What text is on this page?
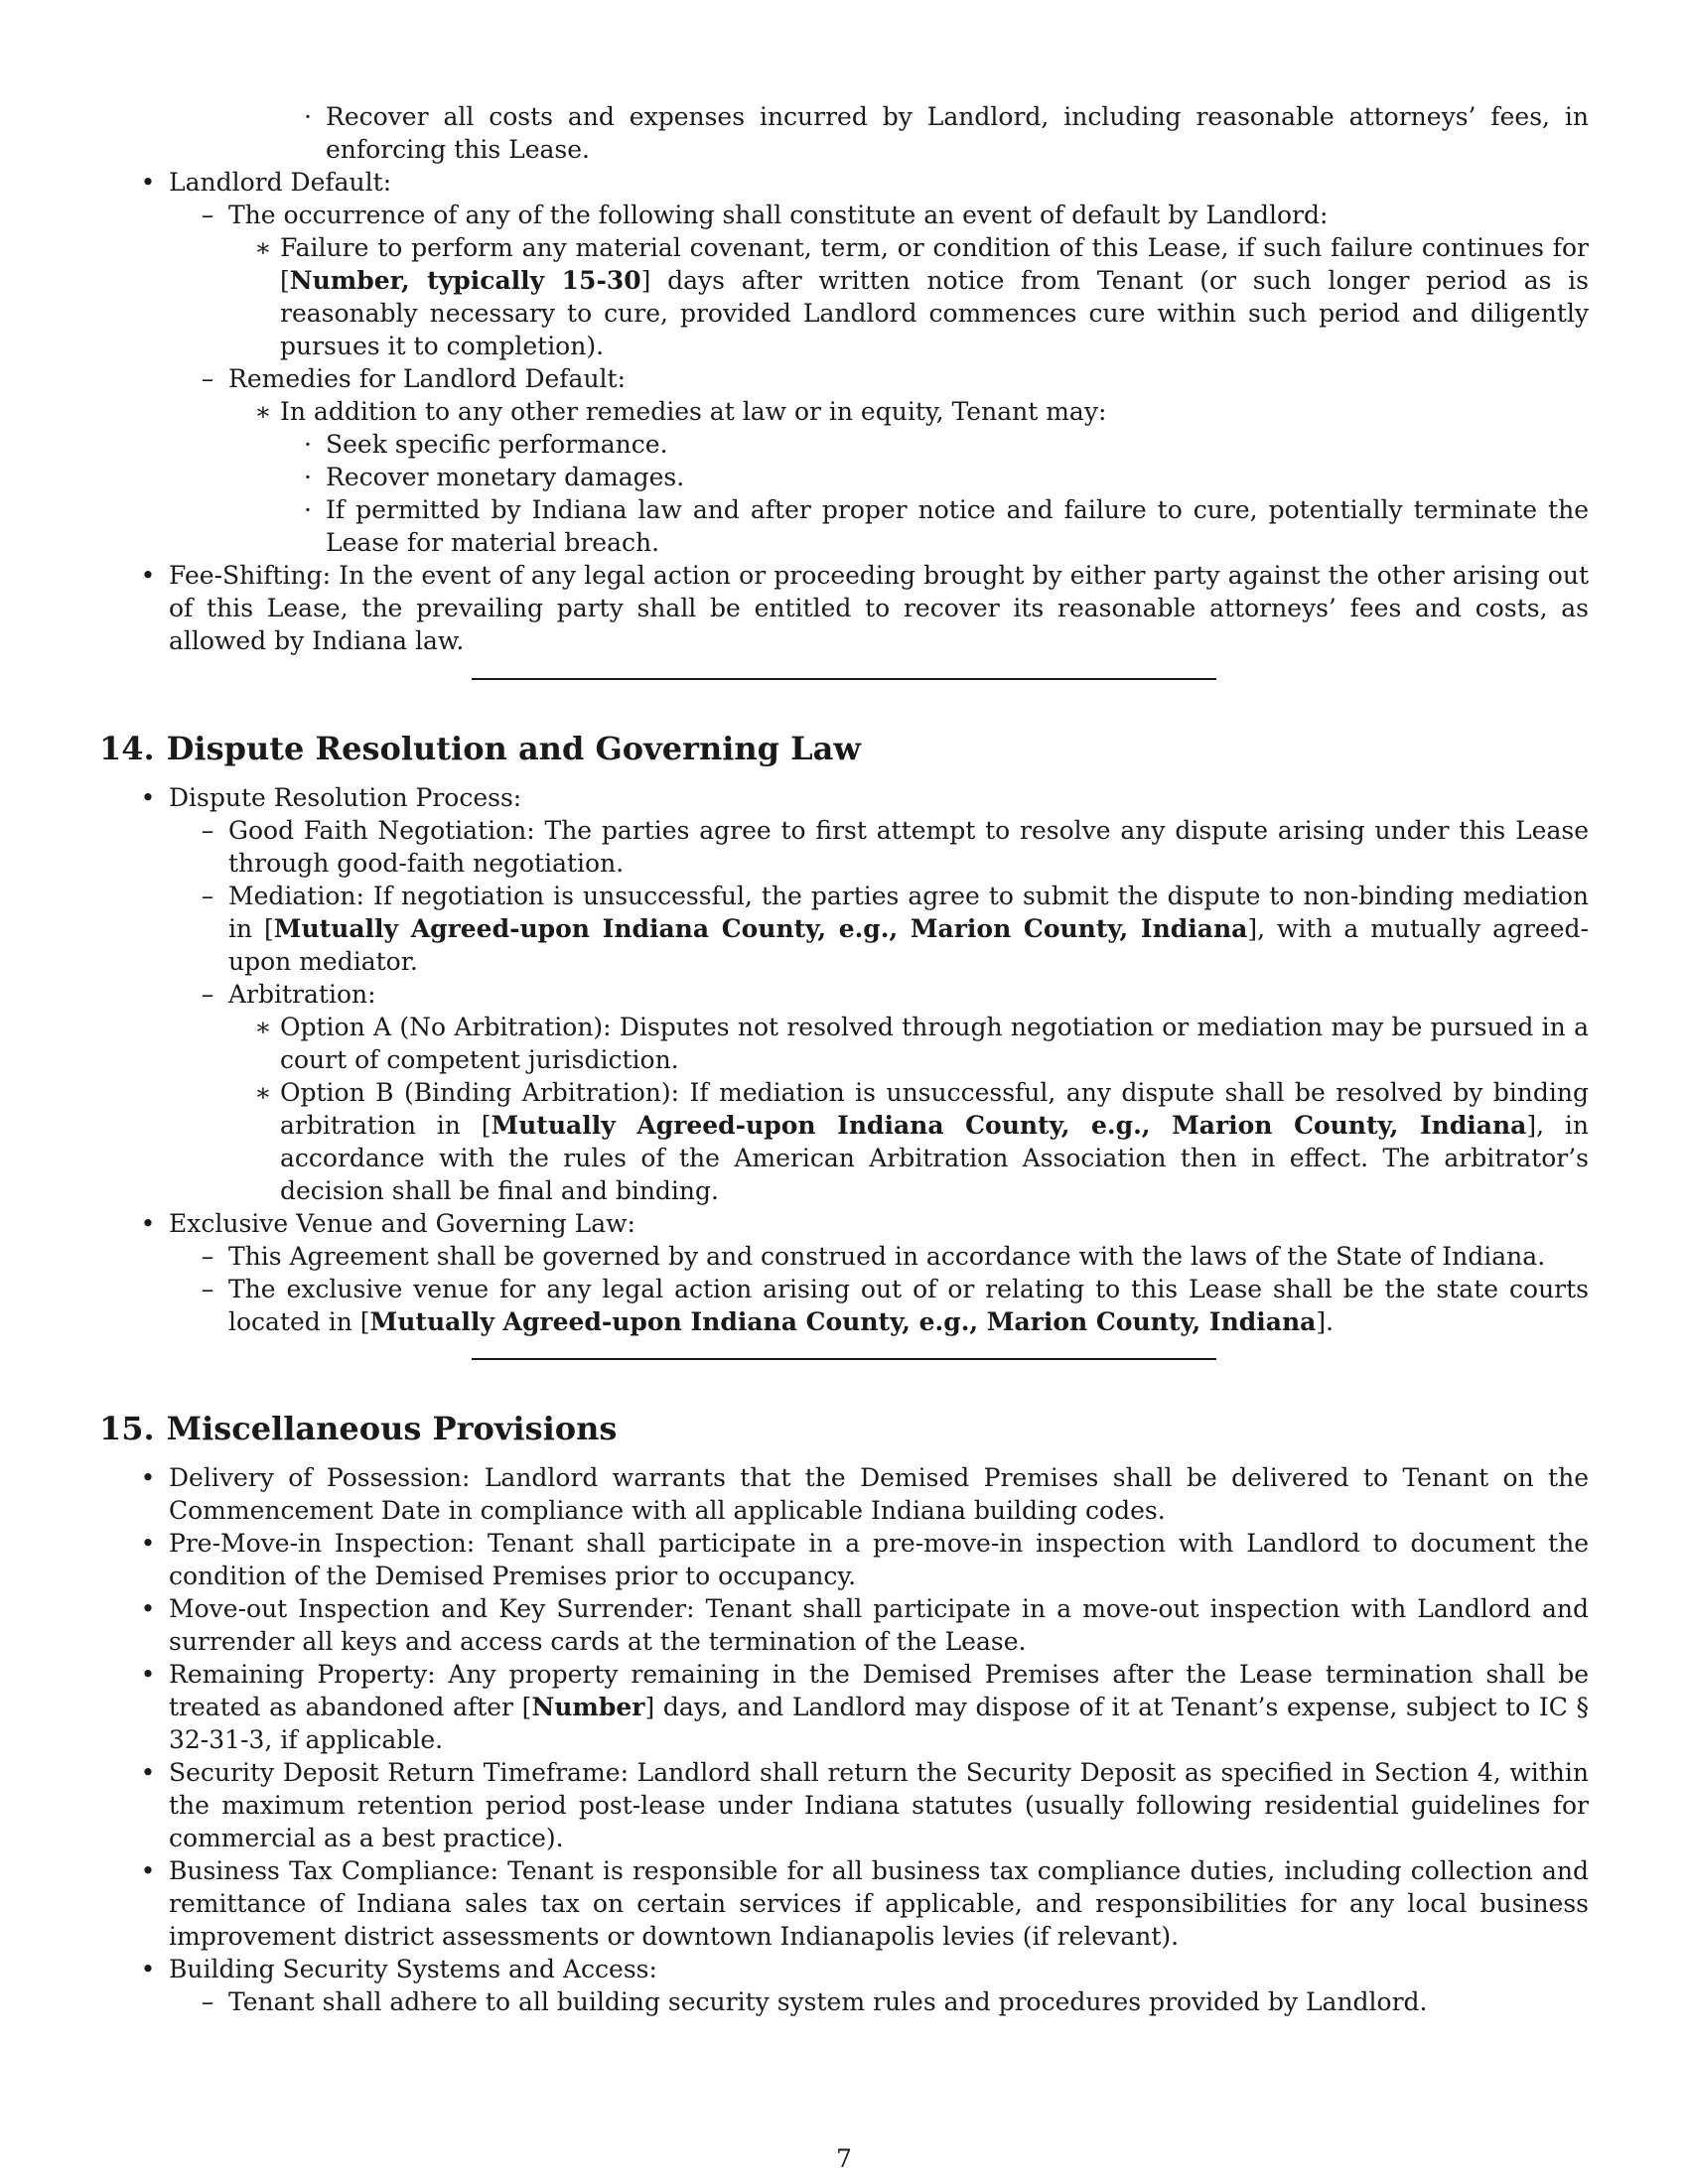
· Recover all costs and expenses incurred by Landlord, including reasonable attorneys’ fees, in enforcing this Lease.

• Landlord Default:

– The occurrence of any of the following shall constitute an event of default by Landlord:

∗ Failure to perform any material covenant, term, or condition of this Lease, if such failure continues for [Number, typically 15-30] days after written notice from Tenant (or such longer period as is reasonably necessary to cure, provided Landlord commences cure within such period and diligently pursues it to completion).

– Remedies for Landlord Default:

∗ In addition to any other remedies at law or in equity, Tenant may:

· Seek specific performance.

· Recover monetary damages.

· If permitted by Indiana law and after proper notice and failure to cure, potentially terminate the Lease for material breach.

• Fee-Shifting: In the event of any legal action or proceeding brought by either party against the other arising out of this Lease, the prevailing party shall be entitled to recover its reasonable attorneys’ fees and costs, as allowed by Indiana law.

14. Dispute Resolution and Governing Law

• Dispute Resolution Process:

– Good Faith Negotiation: The parties agree to first attempt to resolve any dispute arising under this Lease through good-faith negotiation.

– Mediation: If negotiation is unsuccessful, the parties agree to submit the dispute to non-binding mediation in [Mutually Agreed-upon Indiana County, e.g., Marion County, Indiana], with a mutually agreed-upon mediator.

– Arbitration:

∗ Option A (No Arbitration): Disputes not resolved through negotiation or mediation may be pursued in a court of competent jurisdiction.

∗ Option B (Binding Arbitration): If mediation is unsuccessful, any dispute shall be resolved by binding arbitration in [Mutually Agreed-upon Indiana County, e.g., Marion County, Indiana], in accordance with the rules of the American Arbitration Association then in effect. The arbitrator’s decision shall be final and binding.

• Exclusive Venue and Governing Law:

– This Agreement shall be governed by and construed in accordance with the laws of the State of Indiana.

– The exclusive venue for any legal action arising out of or relating to this Lease shall be the state courts located in [Mutually Agreed-upon Indiana County, e.g., Marion County, Indiana].

15. Miscellaneous Provisions

• Delivery of Possession: Landlord warrants that the Demised Premises shall be delivered to Tenant on the Commencement Date in compliance with all applicable Indiana building codes.

• Pre-Move-in Inspection: Tenant shall participate in a pre-move-in inspection with Landlord to document the condition of the Demised Premises prior to occupancy.

• Move-out Inspection and Key Surrender: Tenant shall participate in a move-out inspection with Landlord and surrender all keys and access cards at the termination of the Lease.

• Remaining Property: Any property remaining in the Demised Premises after the Lease termination shall be treated as abandoned after [Number] days, and Landlord may dispose of it at Tenant’s expense, subject to IC § 32-31-3, if applicable.

• Security Deposit Return Timeframe: Landlord shall return the Security Deposit as specified in Section 4, within the maximum retention period post-lease under Indiana statutes (usually following residential guidelines for commercial as a best practice).

• Business Tax Compliance: Tenant is responsible for all business tax compliance duties, including collection and remittance of Indiana sales tax on certain services if applicable, and responsibilities for any local business improvement district assessments or downtown Indianapolis levies (if relevant).

• Building Security Systems and Access:

– Tenant shall adhere to all building security system rules and procedures provided by Landlord.

7
